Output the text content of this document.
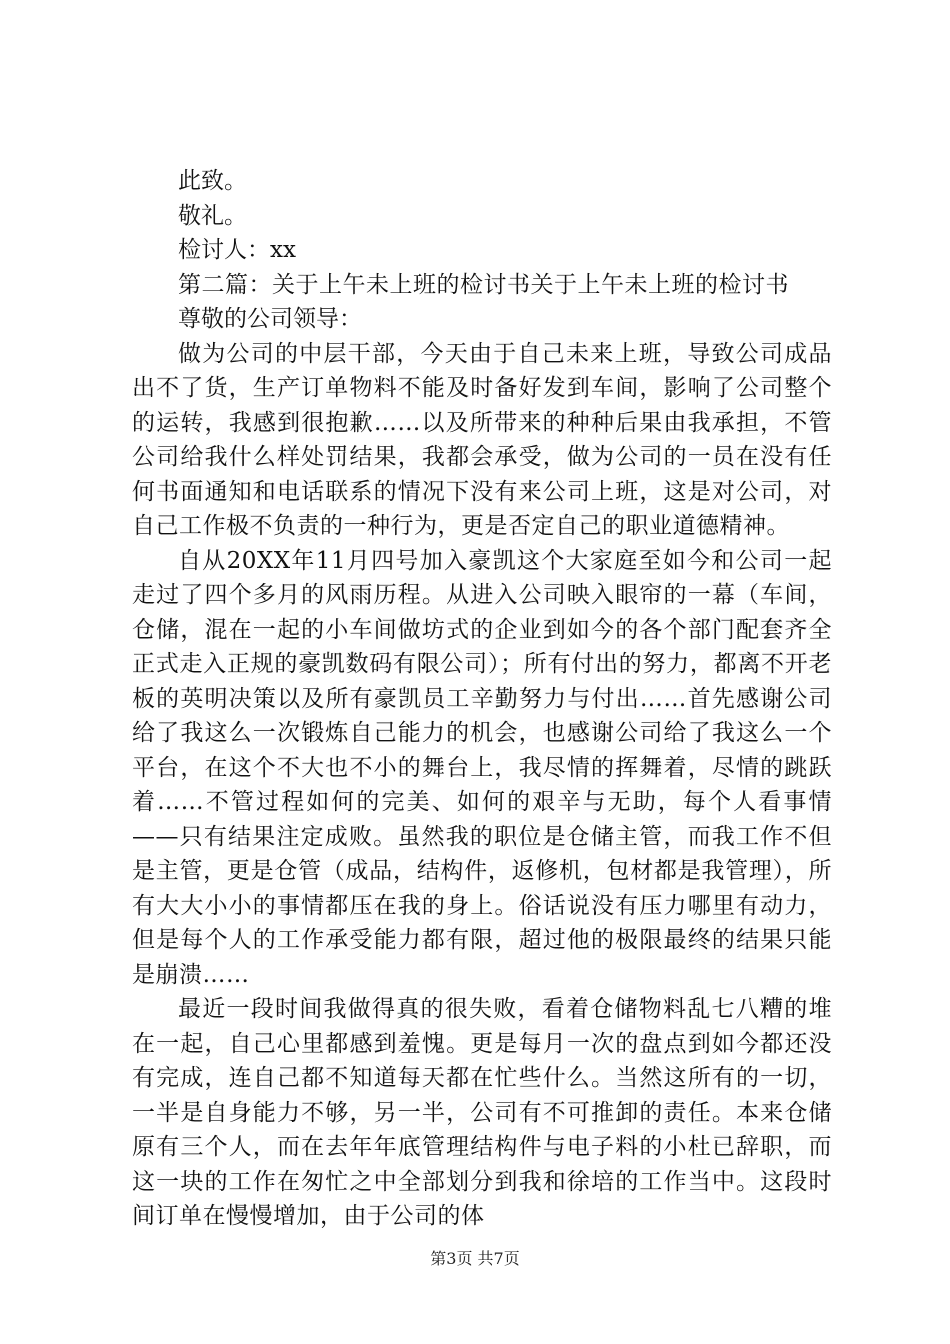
此致。

敬礼。

检讨人：xx

第二篇：关于上午未上班的检讨书关于上午未上班的检讨书

尊敬的公司领导：

做为公司的中层干部，今天由于自己未来上班，导致公司成品出不了货，生产订单物料不能及时备好发到车间，影响了公司整个的运转，我感到很抱歉……以及所带来的种种后果由我承担，不管公司给我什么样处罚结果，我都会承受，做为公司的一员在没有任何书面通知和电话联系的情况下没有来公司上班，这是对公司，对自己工作极不负责的一种行为，更是否定自己的职业道德精神。

自从20XX年11月四号加入豪凯这个大家庭至如今和公司一起走过了四个多月的风雨历程。从进入公司映入眼帘的一幕（车间，仓储，混在一起的小车间做坊式的企业到如今的各个部门配套齐全正式走入正规的豪凯数码有限公司）；所有付出的努力，都离不开老板的英明决策以及所有豪凯员工辛勤努力与付出……首先感谢公司给了我这么一次锻炼自己能力的机会，也感谢公司给了我这么一个平台，在这个不大也不小的舞台上，我尽情的挥舞着，尽情的跳跃着……不管过程如何的完美、如何的艰辛与无助，每个人看事情——只有结果注定成败。虽然我的职位是仓储主管，而我工作不但是主管，更是仓管（成品，结构件，返修机，包材都是我管理），所有大大小小的事情都压在我的身上。俗话说没有压力哪里有动力，但是每个人的工作承受能力都有限，超过他的极限最终的结果只能是崩溃……

最近一段时间我做得真的很失败，看着仓储物料乱七八糟的堆在一起，自己心里都感到羞愧。更是每月一次的盘点到如今都还没有完成，连自己都不知道每天都在忙些什么。当然这所有的一切，一半是自身能力不够，另一半，公司有不可推卸的责任。本来仓储原有三个人，而在去年年底管理结构件与电子料的小杜已辞职，而这一块的工作在匆忙之中全部划分到我和徐培的工作当中。这段时间订单在慢慢增加，由于公司的体

第3页 共7页
